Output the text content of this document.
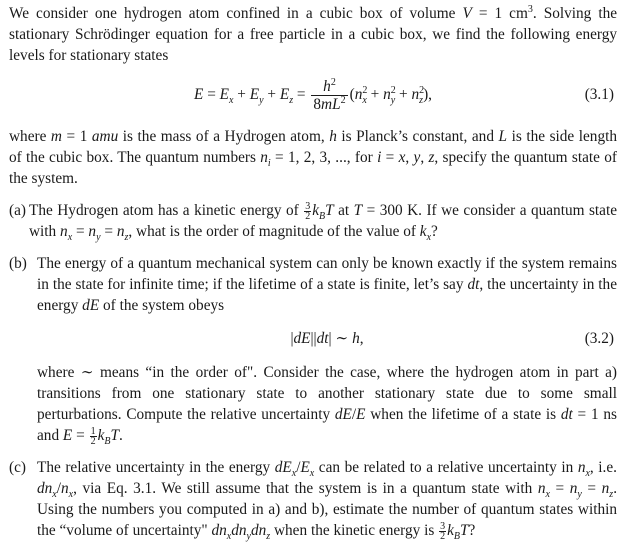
We consider one hydrogen atom confined in a cubic box of volume V = 1 $cm^3$. Solving the stationary Schrödinger equation for a free particle in a cubic box, we find the following energy levels for stationary states

$E = E_x + E_y + E_z = \frac{h^2}{8mL^2} (n^2_x + n^2_y + n^2_z)$,	(3.1)

where m = 1 amu is the mass of a Hydrogen atom, h is Planck’s constant, and L is the side length of the cubic box. The quantum numbers $n_i = 1$, 2, 3, ..., for i = x, y, z, specify the quantum state of the system.

(a) The Hydrogen atom has a kinetic energy of $\frac{3}{2} k_BT$ at T = 300 K. If we consider a quantum state with $n_x = n_y = n_z$, what is the order of magnitude of the value of $k_x$?
(b) The energy of a quantum mechanical system can only be known exactly if the system remains in the state for infinite time; if the lifetime of a state is finite, let’s say dt, the uncertainty in the energy dE of the system obeys
|dE||dt| ∼ h,	(3.2)
where ∼ means “in the order of". Consider the case, where the hydrogen atom in part a) transitions from one stationary state to another stationary state due to some small perturbations. Compute the relative uncertainty dE/E when the lifetime of a state is dt = 1 ns and $E = \frac{1}{2} k_BT$.
(c) The relative uncertainty in the energy $dE_x/E_x$ can be related to a relative uncertainty in $n_x$, i.e. $dn_x/n_x$, via Eq. 3.1. We still assume that the system is in a quantum state with $n_x = n_y = n_z$. Using the numbers you computed in a) and b), estimate the number of quantum states within the “volume of uncertainty" $dn_xdn_ydn_z$ when the kinetic energy is $\frac{3}{2} k_BT$?
